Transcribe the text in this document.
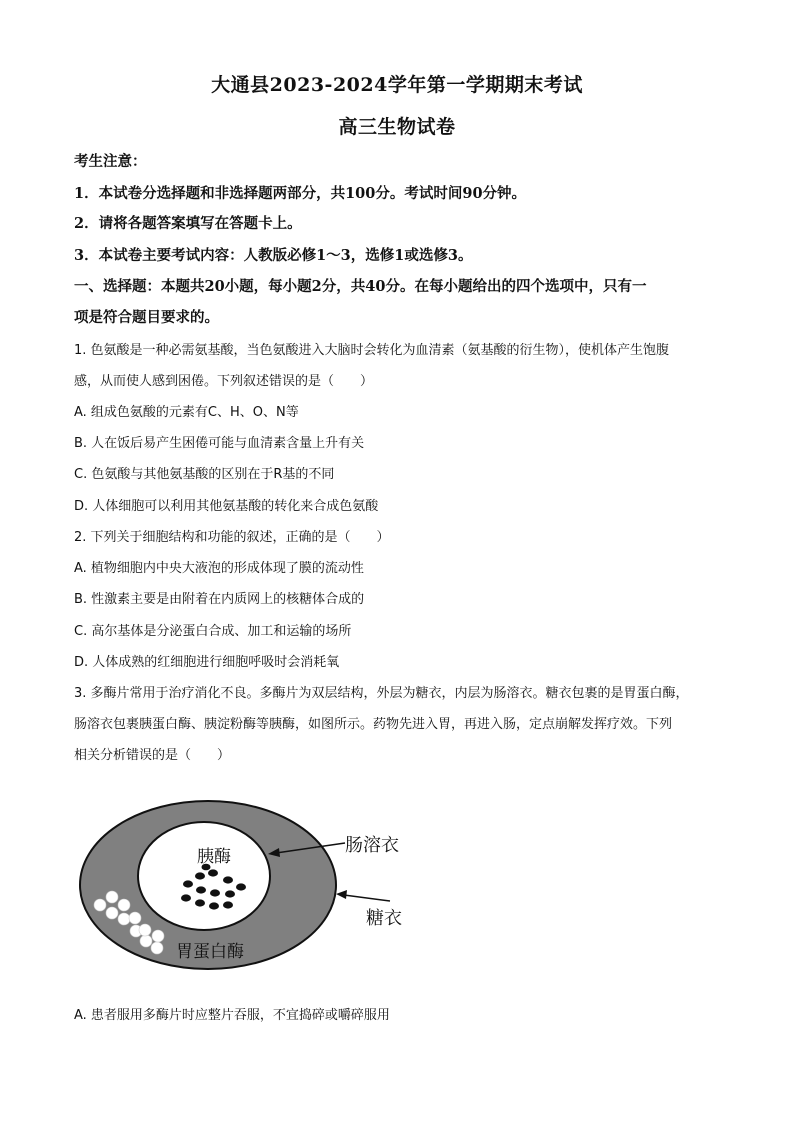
大通县2023-2024学年第一学期期末考试
高三生物试卷
考生注意：
1．本试卷分选择题和非选择题两部分，共100分。考试时间90分钟。
2．请将各题答案填写在答题卡上。
3．本试卷主要考试内容：人教版必修1～3，选修1或选修3。
一、选择题：本题共20小题，每小题2分，共40分。在每小题给出的四个选项中，只有一
项是符合题目要求的。
1. 色氨酸是一种必需氨基酸，当色氨酸进入大脑时会转化为血清素（氨基酸的衍生物），使机体产生饱腹
感，从而使人感到困倦。下列叙述错误的是（　　）
A. 组成色氨酸的元素有C、H、O、N等
B. 人在饭后易产生困倦可能与血清素含量上升有关
C. 色氨酸与其他氨基酸的区别在于R基的不同
D. 人体细胞可以利用其他氨基酸的转化来合成色氨酸
2. 下列关于细胞结构和功能的叙述，正确的是（　　）
A. 植物细胞内中央大液泡的形成体现了膜的流动性
B. 性激素主要是由附着在内质网上的核糖体合成的
C. 高尔基体是分泌蛋白合成、加工和运输的场所
D. 人体成熟的红细胞进行细胞呼吸时会消耗氧
3. 多酶片常用于治疗消化不良。多酶片为双层结构，外层为糖衣，内层为肠溶衣。糖衣包裹的是胃蛋白酶，
肠溶衣包裹胰蛋白酶、胰淀粉酶等胰酶，如图所示。药物先进入胃，再进入肠，定点崩解发挥疗效。下列
相关分析错误的是（　　）
胰酶
胃蛋白酶
肠溶衣
糖衣
A. 患者服用多酶片时应整片吞服，不宜捣碎或嚼碎服用
